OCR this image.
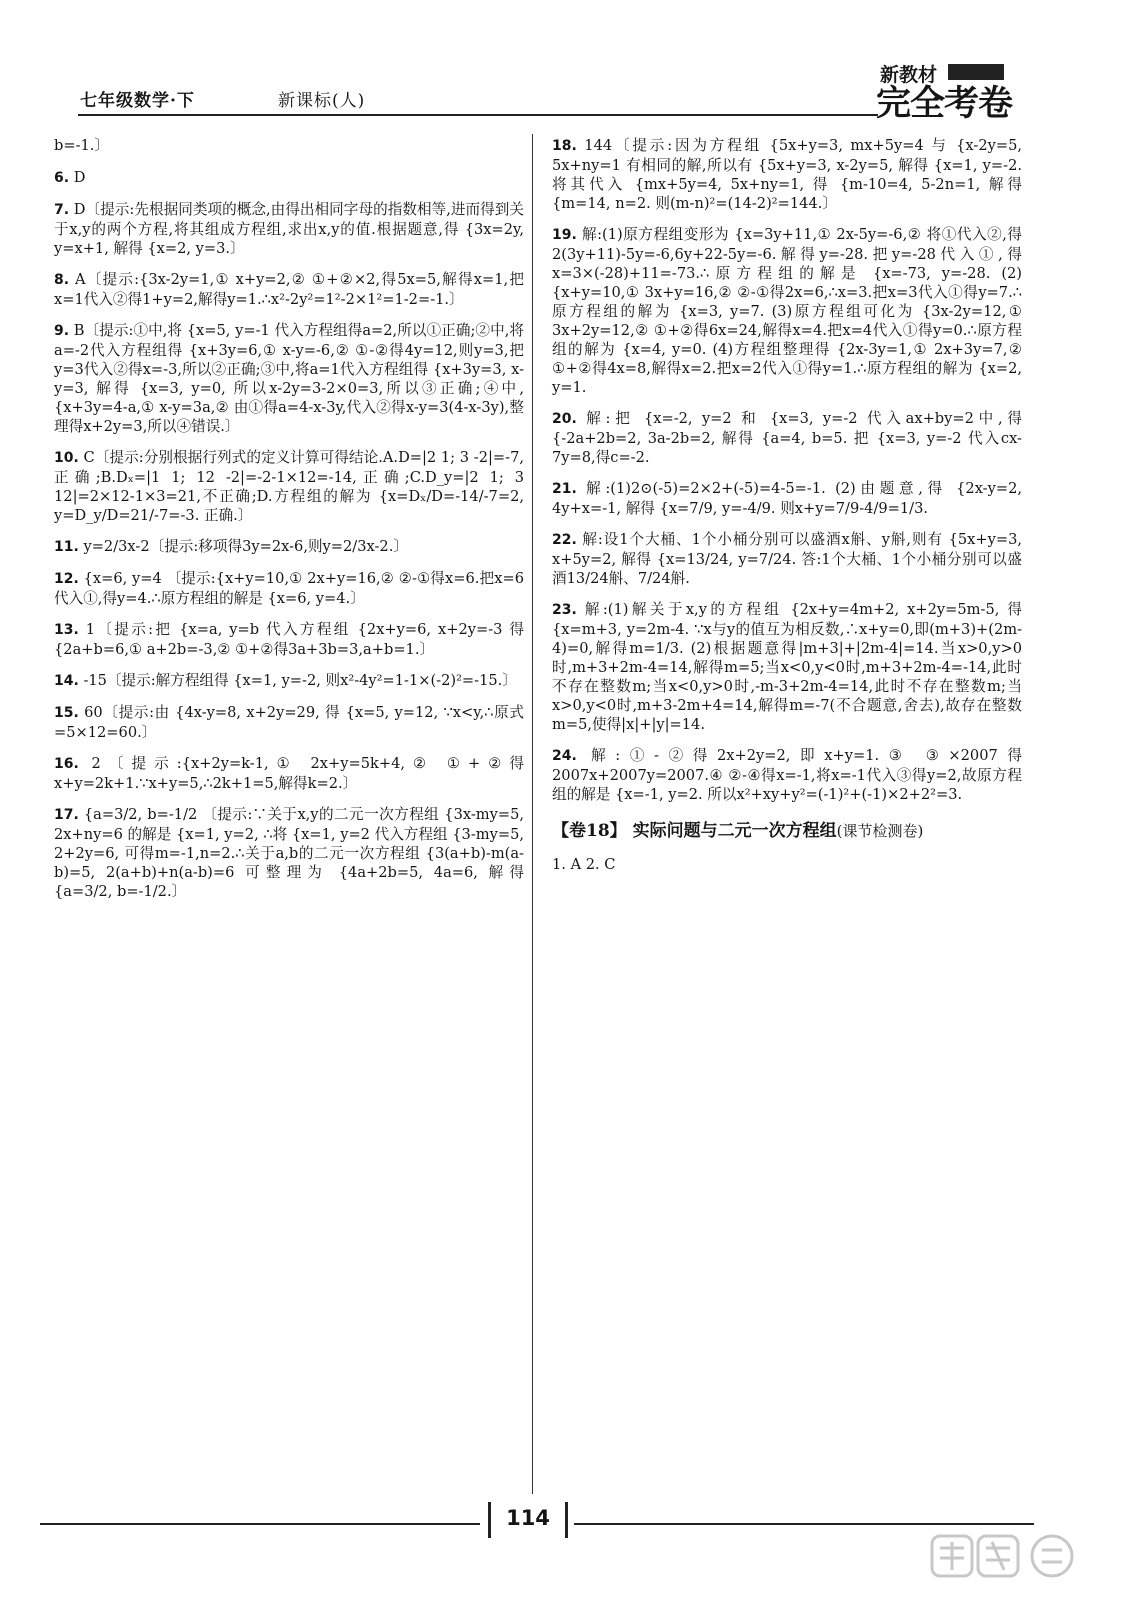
七年级数学·下	新课标(人)
新教材
完全考卷
b=-1.〕
6. D
7. D〔提示:先根据同类项的概念,由得出相同字母的指数相等,进而得到关于x,y的两个方程,将其组成方程组,求出x,y的值.根据题意,得 {3x=2y, y=x+1, 解得 {x=2, y=3.〕
8. A〔提示:{3x-2y=1,① x+y=2,② ①+②×2,得5x=5,解得x=1,把x=1代入②得1+y=2,解得y=1.∴x²-2y²=1²-2×1²=1-2=-1.〕
9. B〔提示:①中,将 {x=5, y=-1 代入方程组得a=2,所以①正确;②中,将a=-2代入方程组得 {x+3y=6,① x-y=-6,② ①-②得4y=12,则y=3,把y=3代入②得x=-3,所以②正确;③中,将a=1代入方程组得 {x+3y=3, x-y=3, 解得 {x=3, y=0, 所以x-2y=3-2×0=3,所以③正确;④中,{x+3y=4-a,① x-y=3a,② 由①得a=4-x-3y,代入②得x-y=3(4-x-3y),整理得x+2y=3,所以④错误.〕
10. C〔提示:分别根据行列式的定义计算可得结论.A.D=|2 1; 3 -2|=-7,正确;B.Dₓ=|1 1; 12 -2|=-2-1×12=-14,正确;C.D_y=|2 1; 3 12|=2×12-1×3=21,不正确;D.方程组的解为 {x=Dₓ/D=-14/-7=2, y=D_y/D=21/-7=-3. 正确.〕
11. y=2/3x-2〔提示:移项得3y=2x-6,则y=2/3x-2.〕
12. {x=6, y=4 〔提示:{x+y=10,① 2x+y=16,② ②-①得x=6.把x=6代入①,得y=4.∴原方程组的解是 {x=6, y=4.〕
13. 1〔提示:把 {x=a, y=b 代入方程组 {2x+y=6, x+2y=-3 得 {2a+b=6,① a+2b=-3,② ①+②得3a+3b=3,a+b=1.〕
14. -15〔提示:解方程组得 {x=1, y=-2, 则x²-4y²=1-1×(-2)²=-15.〕
15. 60〔提示:由 {4x-y=8, x+2y=29, 得 {x=5, y=12, ∵x<y,∴原式=5×12=60.〕
16. 2〔提示:{x+2y=k-1,① 2x+y=5k+4,② ①+②得x+y=2k+1.∵x+y=5,∴2k+1=5,解得k=2.〕
17. {a=3/2, b=-1/2 〔提示:∵关于x,y的二元一次方程组 {3x-my=5, 2x+ny=6 的解是 {x=1, y=2, ∴将 {x=1, y=2 代入方程组 {3-my=5, 2+2y=6, 可得m=-1,n=2.∴关于a,b的二元一次方程组 {3(a+b)-m(a-b)=5, 2(a+b)+n(a-b)=6 可整理为 {4a+2b=5, 4a=6, 解得 {a=3/2, b=-1/2.〕
18. 144〔提示:因为方程组 {5x+y=3, mx+5y=4 与 {x-2y=5, 5x+ny=1 有相同的解,所以有 {5x+y=3, x-2y=5, 解得 {x=1, y=-2. 将其代入 {mx+5y=4, 5x+ny=1, 得 {m-10=4, 5-2n=1, 解得 {m=14, n=2. 则(m-n)²=(14-2)²=144.〕
19. 解:(1)原方程组变形为 {x=3y+11,① 2x-5y=-6,② 将①代入②,得2(3y+11)-5y=-6,6y+22-5y=-6.解得y=-28.把y=-28代入①,得x=3×(-28)+11=-73.∴原方程组的解是 {x=-73, y=-28. (2){x+y=10,① 3x+y=16,② ②-①得2x=6,∴x=3.把x=3代入①得y=7.∴原方程组的解为 {x=3, y=7. (3)原方程组可化为 {3x-2y=12,① 3x+2y=12,② ①+②得6x=24,解得x=4.把x=4代入①得y=0.∴原方程组的解为 {x=4, y=0. (4)方程组整理得 {2x-3y=1,① 2x+3y=7,② ①+②得4x=8,解得x=2.把x=2代入①得y=1.∴原方程组的解为 {x=2, y=1.
20. 解:把 {x=-2, y=2 和 {x=3, y=-2 代入ax+by=2中,得 {-2a+2b=2, 3a-2b=2, 解得 {a=4, b=5. 把 {x=3, y=-2 代入cx-7y=8,得c=-2.
21. 解:(1)2⊙(-5)=2×2+(-5)=4-5=-1. (2)由题意,得 {2x-y=2, 4y+x=-1, 解得 {x=7/9, y=-4/9. 则x+y=7/9-4/9=1/3.
22. 解:设1个大桶、1个小桶分别可以盛酒x斛、y斛,则有 {5x+y=3, x+5y=2, 解得 {x=13/24, y=7/24. 答:1个大桶、1个小桶分别可以盛酒13/24斛、7/24斛.
23. 解:(1)解关于x,y的方程组 {2x+y=4m+2, x+2y=5m-5, 得 {x=m+3, y=2m-4. ∵x与y的值互为相反数,∴x+y=0,即(m+3)+(2m-4)=0,解得m=1/3. (2)根据题意得|m+3|+|2m-4|=14.当x>0,y>0时,m+3+2m-4=14,解得m=5;当x<0,y<0时,m+3+2m-4=-14,此时不存在整数m;当x<0,y>0时,-m-3+2m-4=14,此时不存在整数m;当x>0,y<0时,m+3-2m+4=14,解得m=-7(不合题意,舍去),故存在整数m=5,使得|x|+|y|=14.
24. 解:①-②得2x+2y=2,即x+y=1.③ ③×2007得2007x+2007y=2007.④ ②-④得x=-1,将x=-1代入③得y=2,故原方程组的解是 {x=-1, y=2. 所以x²+xy+y²=(-1)²+(-1)×2+2²=3.
【卷18】 实际问题与二元一次方程组(课节检测卷)
1. A 2. C
114
